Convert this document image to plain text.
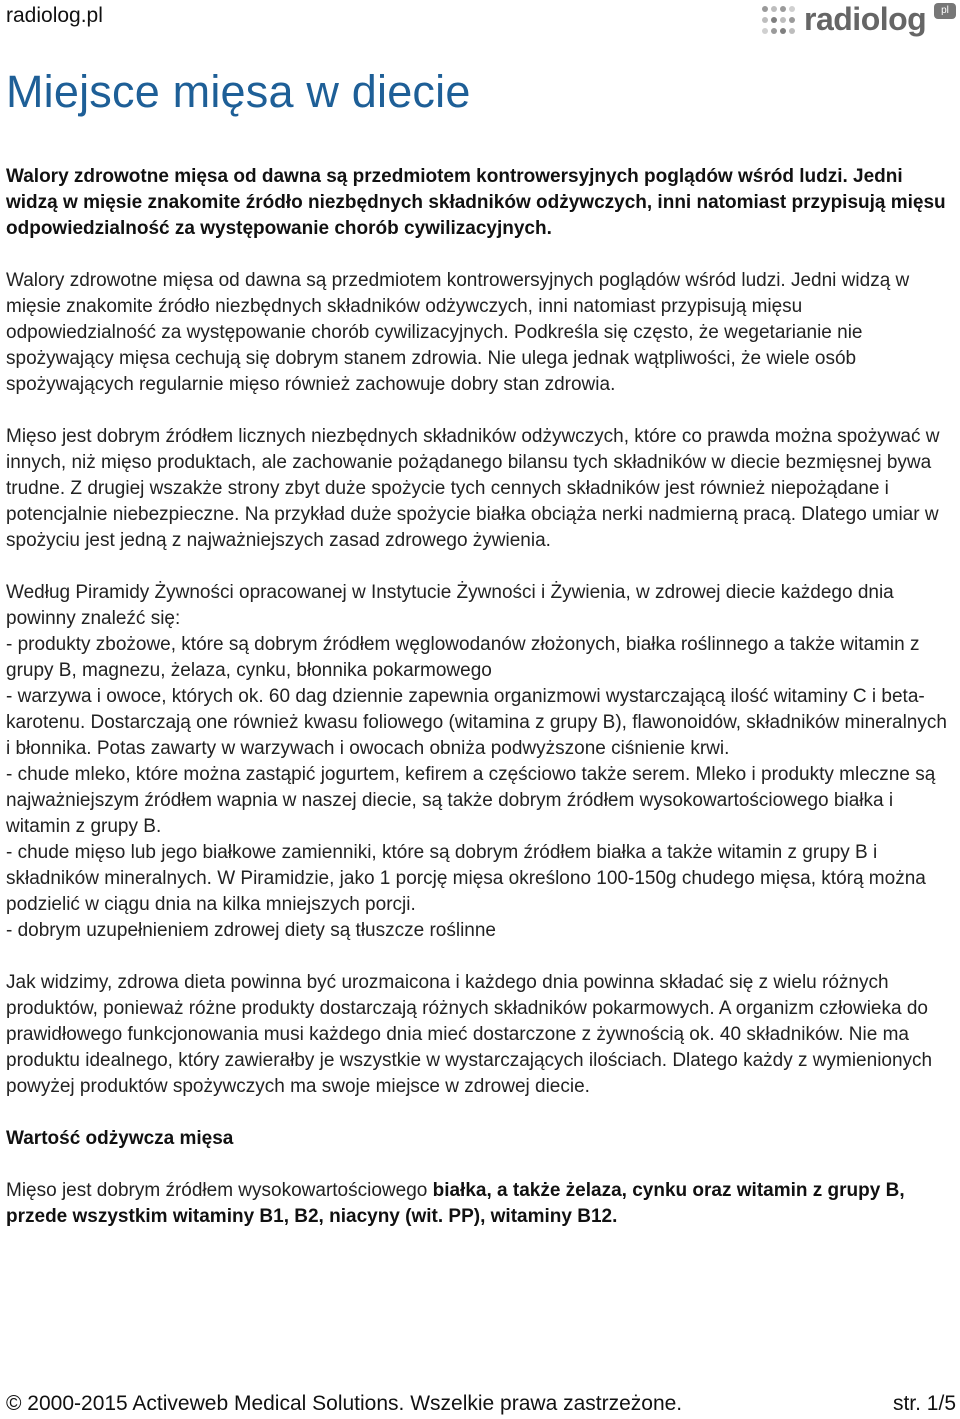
radiolog.pl	radiolog	pl
Miejsce mięsa w diecie

Walory zdrowotne mięsa od dawna są przedmiotem kontrowersyjnych poglądów wśród ludzi. Jedni widzą w mięsie znakomite źródło niezbędnych składników odżywczych, inni natomiast przypisują mięsu odpowiedzialność za występowanie chorób cywilizacyjnych.

Walory zdrowotne mięsa od dawna są przedmiotem kontrowersyjnych poglądów wśród ludzi. Jedni widzą w mięsie znakomite źródło niezbędnych składników odżywczych, inni natomiast przypisują mięsu odpowiedzialność za występowanie chorób cywilizacyjnych. Podkreśla się często, że wegetarianie nie spożywający mięsa cechują się dobrym stanem zdrowia. Nie ulega jednak wątpliwości, że wiele osób spożywających regularnie mięso również zachowuje dobry stan zdrowia.

Mięso jest dobrym źródłem licznych niezbędnych składników odżywczych, które co prawda można spożywać w innych, niż mięso produktach, ale zachowanie pożądanego bilansu tych składników w diecie bezmięsnej bywa trudne. Z drugiej wszakże strony zbyt duże spożycie tych cennych składników jest również niepożądane i potencjalnie niebezpieczne. Na przykład duże spożycie białka obciąża nerki nadmierną pracą. Dlatego umiar w spożyciu jest jedną z najważniejszych zasad zdrowego żywienia.

Według Piramidy Żywności opracowanej w Instytucie Żywności i Żywienia, w zdrowej diecie każdego dnia powinny znaleźć się:

- produkty zbożowe, które są dobrym źródłem węglowodanów złożonych, białka roślinnego a także witamin z grupy B, magnezu, żelaza, cynku, błonnika pokarmowego

- warzywa i owoce, których ok. 60 dag dziennie zapewnia organizmowi wystarczającą ilość witaminy C i beta-karotenu. Dostarczają one również kwasu foliowego (witamina z grupy B), flawonoidów, składników mineralnych i błonnika. Potas zawarty w warzywach i owocach obniża podwyższone ciśnienie krwi.

- chude mleko, które można zastąpić jogurtem, kefirem a częściowo także serem. Mleko i produkty mleczne są najważniejszym źródłem wapnia w naszej diecie, są także dobrym źródłem wysokowartościowego białka i witamin z grupy B.

- chude mięso lub jego białkowe zamienniki, które są dobrym źródłem białka a także witamin z grupy B i składników mineralnych. W Piramidzie, jako 1 porcję mięsa określono 100-150g chudego mięsa, którą można podzielić w ciągu dnia na kilka mniejszych porcji.

- dobrym uzupełnieniem zdrowej diety są tłuszcze roślinne

Jak widzimy, zdrowa dieta powinna być urozmaicona i każdego dnia powinna składać się z wielu różnych produktów, ponieważ różne produkty dostarczają różnych składników pokarmowych. A organizm człowieka do prawidłowego funkcjonowania musi każdego dnia mieć dostarczone z żywnością ok. 40 składników. Nie ma produktu idealnego, który zawierałby je wszystkie w wystarczających ilościach. Dlatego każdy z wymienionych powyżej produktów spożywczych ma swoje miejsce w zdrowej diecie.

Wartość odżywcza mięsa

Mięso jest dobrym źródłem wysokowartościowego białka, a także żelaza, cynku oraz witamin z grupy B, przede wszystkim witaminy B1, B2, niacyny (wit. PP), witaminy B12.

© 2000-2015 Activeweb Medical Solutions. Wszelkie prawa zastrzeżone.	str. 1/5
